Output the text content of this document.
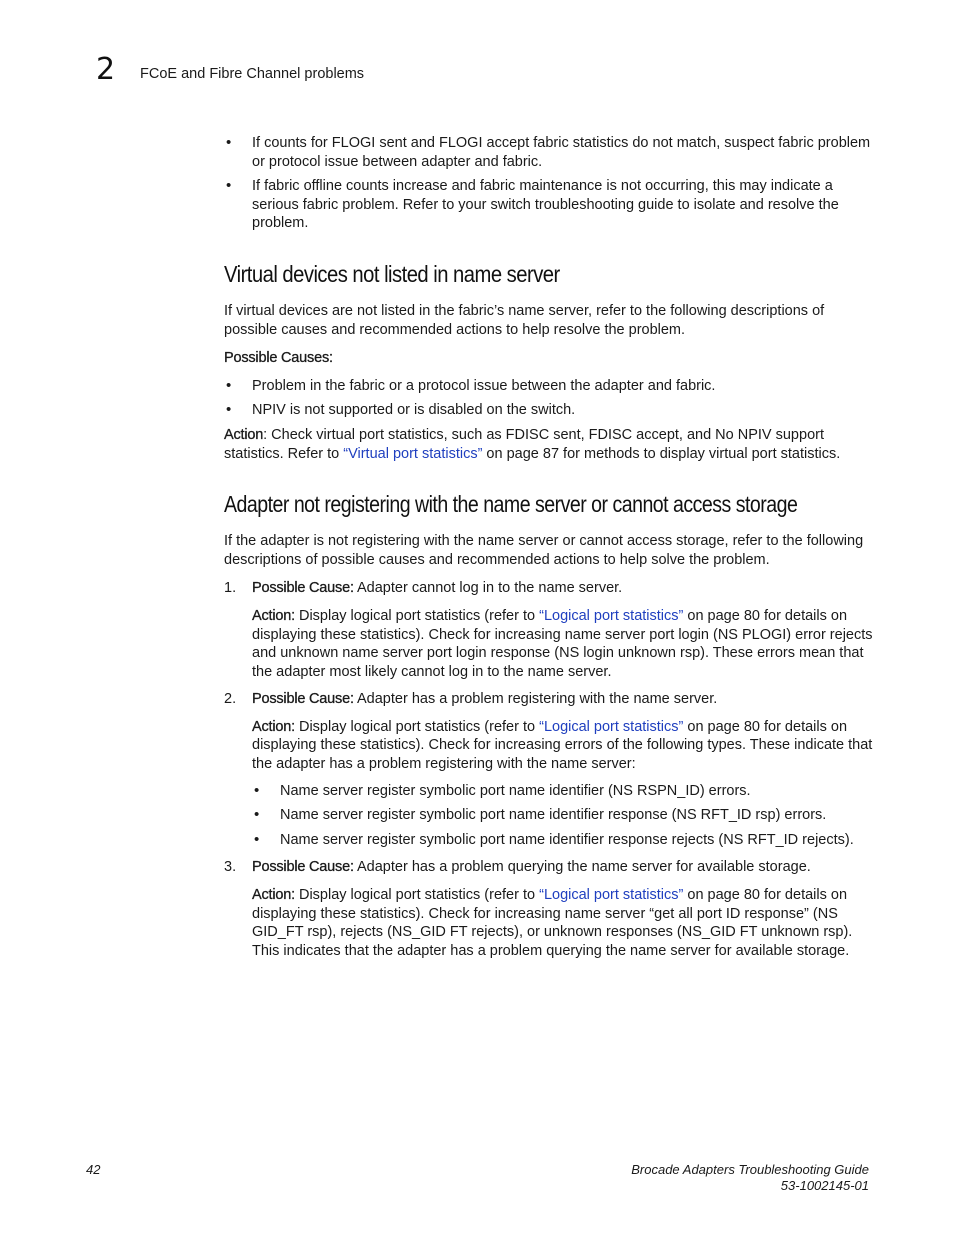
2 FCoE and Fibre Channel problems
• If counts for FLOGI sent and FLOGI accept fabric statistics do not match, suspect fabric problem or protocol issue between adapter and fabric.
• If fabric offline counts increase and fabric maintenance is not occurring, this may indicate a serious fabric problem. Refer to your switch troubleshooting guide to isolate and resolve the problem.
Virtual devices not listed in name server

If virtual devices are not listed in the fabric’s name server, refer to the following descriptions of possible causes and recommended actions to help resolve the problem.

Possible Causes:

• Problem in the fabric or a protocol issue between the adapter and fabric.
• NPIV is not supported or is disabled on the switch.

Action: Check virtual port statistics, such as FDISC sent, FDISC accept, and No NPIV support statistics. Refer to “Virtual port statistics” on page 87 for methods to display virtual port statistics.

Adapter not registering with the name server or cannot access storage

If the adapter is not registering with the name server or cannot access storage, refer to the following descriptions of possible causes and recommended actions to help solve the problem.

1. Possible Cause: Adapter cannot log in to the name server.

Action: Display logical port statistics (refer to “Logical port statistics” on page 80 for details on displaying these statistics). Check for increasing name server port login (NS PLOGI) error rejects and unknown name server port login response (NS login unknown rsp). These errors mean that the adapter most likely cannot log in to the name server.

2. Possible Cause: Adapter has a problem registering with the name server.

Action: Display logical port statistics (refer to “Logical port statistics” on page 80 for details on displaying these statistics). Check for increasing errors of the following types. These indicate that the adapter has a problem registering with the name server:

• Name server register symbolic port name identifier (NS RSPN_ID) errors.
• Name server register symbolic port name identifier response (NS RFT_ID rsp) errors.
• Name server register symbolic port name identifier response rejects (NS RFT_ID rejects).
3. Possible Cause: Adapter has a problem querying the name server for available storage.

Action: Display logical port statistics (refer to “Logical port statistics” on page 80 for details on displaying these statistics). Check for increasing name server “get all port ID response” (NS GID_FT rsp), rejects (NS_GID FT rejects), or unknown responses (NS_GID FT unknown rsp). This indicates that the adapter has a problem querying the name server for available storage.

42	Brocade Adapters Troubleshooting Guide
53-1002145-01
